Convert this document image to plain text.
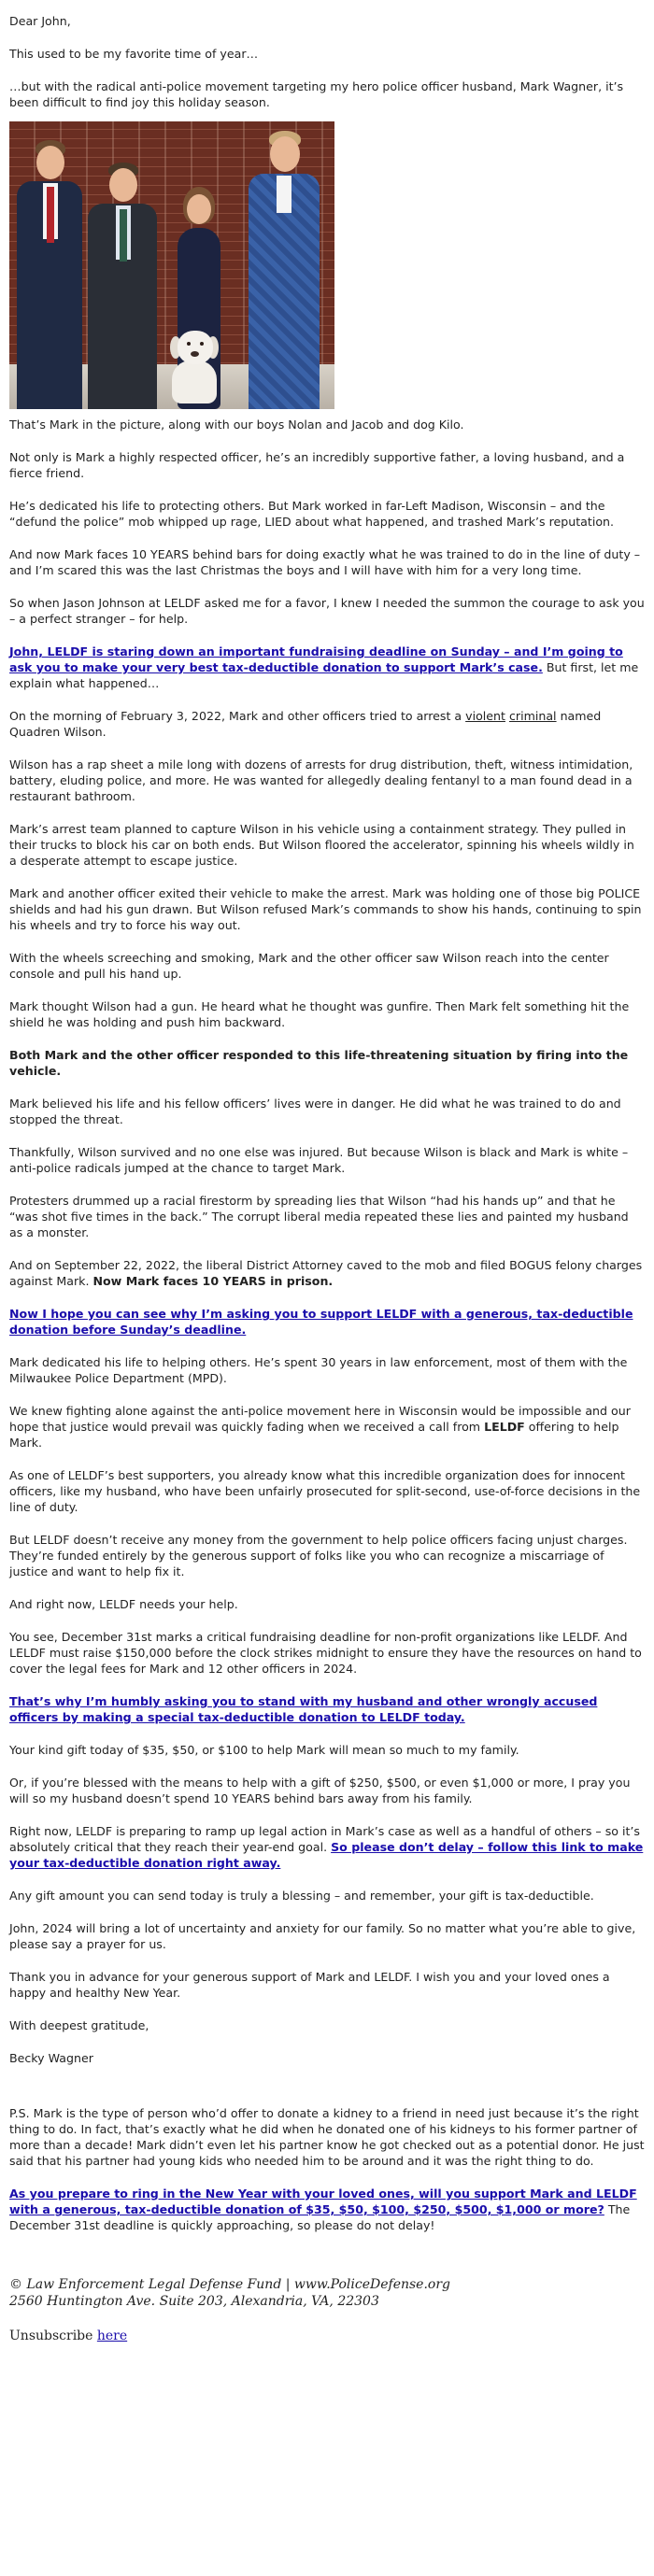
Dear John,

This used to be my favorite time of year…

…but with the radical anti-police movement targeting my hero police officer husband, Mark Wagner, it’s been difficult to find joy this holiday season.

That’s Mark in the picture, along with our boys Nolan and Jacob and dog Kilo.

Not only is Mark a highly respected officer, he’s an incredibly supportive father, a loving husband, and a fierce friend.

He’s dedicated his life to protecting others. But Mark worked in far-Left Madison, Wisconsin – and the “defund the police” mob whipped up rage, LIED about what happened, and trashed Mark’s reputation.

And now Mark faces 10 YEARS behind bars for doing exactly what he was trained to do in the line of duty – and I’m scared this was the last Christmas the boys and I will have with him for a very long time.

So when Jason Johnson at LELDF asked me for a favor, I knew I needed the summon the courage to ask you – a perfect stranger – for help.

John, LELDF is staring down an important fundraising deadline on Sunday – and I’m going to ask you to make your very best tax-deductible donation to support Mark’s case. But first, let me explain what happened…

On the morning of February 3, 2022, Mark and other officers tried to arrest a violent criminal named Quadren Wilson.

Wilson has a rap sheet a mile long with dozens of arrests for drug distribution, theft, witness intimidation, battery, eluding police, and more. He was wanted for allegedly dealing fentanyl to a man found dead in a restaurant bathroom.

Mark’s arrest team planned to capture Wilson in his vehicle using a containment strategy. They pulled in their trucks to block his car on both ends. But Wilson floored the accelerator, spinning his wheels wildly in a desperate attempt to escape justice.

Mark and another officer exited their vehicle to make the arrest. Mark was holding one of those big POLICE shields and had his gun drawn. But Wilson refused Mark’s commands to show his hands, continuing to spin his wheels and try to force his way out.

With the wheels screeching and smoking, Mark and the other officer saw Wilson reach into the center console and pull his hand up.

Mark thought Wilson had a gun. He heard what he thought was gunfire. Then Mark felt something hit the shield he was holding and push him backward.

Both Mark and the other officer responded to this life-threatening situation by firing into the vehicle.

Mark believed his life and his fellow officers’ lives were in danger. He did what he was trained to do and stopped the threat.

Thankfully, Wilson survived and no one else was injured. But because Wilson is black and Mark is white – anti-police radicals jumped at the chance to target Mark.

Protesters drummed up a racial firestorm by spreading lies that Wilson “had his hands up” and that he “was shot five times in the back.” The corrupt liberal media repeated these lies and painted my husband as a monster.

And on September 22, 2022, the liberal District Attorney caved to the mob and filed BOGUS felony charges against Mark. Now Mark faces 10 YEARS in prison.

Now I hope you can see why I’m asking you to support LELDF with a generous, tax-deductible donation before Sunday’s deadline.

Mark dedicated his life to helping others. He’s spent 30 years in law enforcement, most of them with the Milwaukee Police Department (MPD).

We knew fighting alone against the anti-police movement here in Wisconsin would be impossible and our hope that justice would prevail was quickly fading when we received a call from LELDF offering to help Mark.

As one of LELDF’s best supporters, you already know what this incredible organization does for innocent officers, like my husband, who have been unfairly prosecuted for split-second, use-of-force decisions in the line of duty.

But LELDF doesn’t receive any money from the government to help police officers facing unjust charges. They’re funded entirely by the generous support of folks like you who can recognize a miscarriage of justice and want to help fix it.

And right now, LELDF needs your help.

You see, December 31st marks a critical fundraising deadline for non-profit organizations like LELDF. And LELDF must raise $150,000 before the clock strikes midnight to ensure they have the resources on hand to cover the legal fees for Mark and 12 other officers in 2024.

That’s why I’m humbly asking you to stand with my husband and other wrongly accused officers by making a special tax-deductible donation to LELDF today.

Your kind gift today of $35, $50, or $100 to help Mark will mean so much to my family.

Or, if you’re blessed with the means to help with a gift of $250, $500, or even $1,000 or more, I pray you will so my husband doesn’t spend 10 YEARS behind bars away from his family.

Right now, LELDF is preparing to ramp up legal action in Mark’s case as well as a handful of others – so it’s absolutely critical that they reach their year-end goal. So please don’t delay – follow this link to make your tax-deductible donation right away.

Any gift amount you can send today is truly a blessing – and remember, your gift is tax-deductible.

John, 2024 will bring a lot of uncertainty and anxiety for our family. So no matter what you’re able to give, please say a prayer for us.

Thank you in advance for your generous support of Mark and LELDF. I wish you and your loved ones a happy and healthy New Year.

With deepest gratitude,

Becky Wagner

P.S. Mark is the type of person who’d offer to donate a kidney to a friend in need just because it’s the right thing to do. In fact, that’s exactly what he did when he donated one of his kidneys to his former partner of more than a decade! Mark didn’t even let his partner know he got checked out as a potential donor. He just said that his partner had young kids who needed him to be around and it was the right thing to do.

As you prepare to ring in the New Year with your loved ones, will you support Mark and LELDF with a generous, tax-deductible donation of $35, $50, $100, $250, $500, $1,000 or more? The December 31st deadline is quickly approaching, so please do not delay!

© Law Enforcement Legal Defense Fund | www.PoliceDefense.org

2560 Huntington Ave. Suite 203, Alexandria, VA, 22303

Unsubscribe here
